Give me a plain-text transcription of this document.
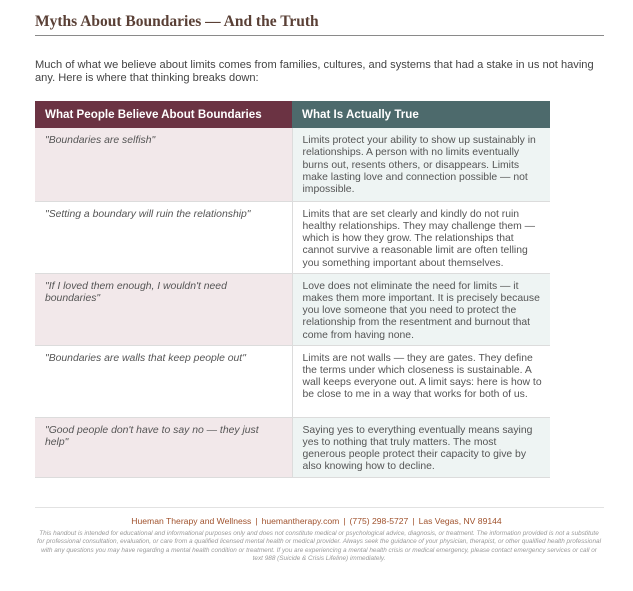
Myths About Boundaries — And the Truth

Much of what we believe about limits comes from families, cultures, and systems that had a stake in us not having any. Here is where that thinking breaks down:

What People Believe About Boundaries	What Is Actually True
"Boundaries are selfish"	Limits protect your ability to show up sustainably in relationships. A person with no limits eventually burns out, resents others, or disappears. Limits make lasting love and connection possible — not impossible.
"Setting a boundary will ruin the relationship"	Limits that are set clearly and kindly do not ruin healthy relationships. They may challenge them — which is how they grow. The relationships that cannot survive a reasonable limit are often telling you something important about themselves.
"If I loved them enough, I wouldn't need boundaries"	Love does not eliminate the need for limits — it makes them more important. It is precisely because you love someone that you need to protect the relationship from the resentment and burnout that come from having none.
"Boundaries are walls that keep people out"	Limits are not walls — they are gates. They define the terms under which closeness is sustainable. A wall keeps everyone out. A limit says: here is how to be close to me in a way that works for both of us.
"Good people don't have to say no — they just help"	Saying yes to everything eventually means saying yes to nothing that truly matters. The most generous people protect their capacity to give by also knowing how to decline.

Hueman Therapy and Wellness | huemantherapy.com | (775) 298-5727 | Las Vegas, NV 89144

This handout is intended for educational and informational purposes only and does not constitute medical or psychological advice, diagnosis, or treatment. The information provided is not a substitute for professional consultation, evaluation, or care from a qualified licensed mental health or medical provider. Always seek the guidance of your physician, therapist, or other qualified health professional with any questions you may have regarding a mental health condition or treatment. If you are experiencing a mental health crisis or medical emergency, please contact emergency services or call or text 988 (Suicide & Crisis Lifeline) immediately.
